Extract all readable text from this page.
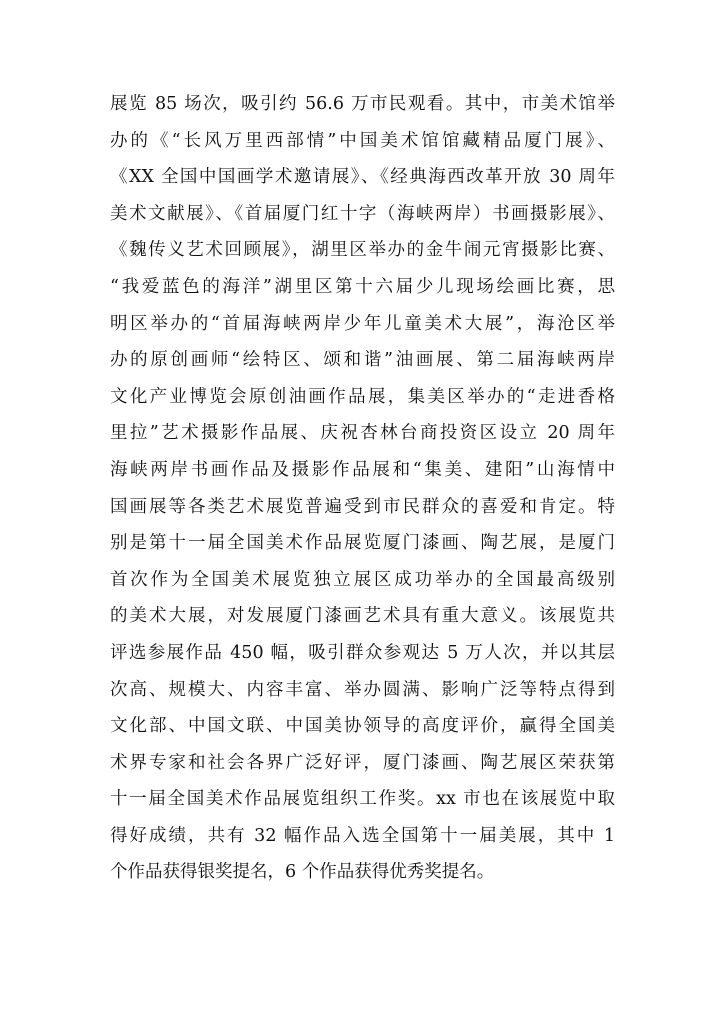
展览 85 场次，吸引约 56.6 万市民观看。其中，市美术馆举
办的《“长风万里西部情”中国美术馆馆藏精品厦门展》、
《XX 全国中国画学术邀请展》、《经典海西改革开放 30 周年
美术文献展》、《首届厦门红十字（海峡两岸）书画摄影展》、
《魏传义艺术回顾展》，湖里区举办的金牛闹元宵摄影比赛、
“我爱蓝色的海洋”湖里区第十六届少儿现场绘画比赛，思
明区举办的“首届海峡两岸少年儿童美术大展”，海沧区举
办的原创画师“绘特区、颂和谐”油画展、第二届海峡两岸
文化产业博览会原创油画作品展，集美区举办的“走进香格
里拉”艺术摄影作品展、庆祝杏林台商投资区设立 20 周年
海峡两岸书画作品及摄影作品展和“集美、建阳”山海情中
国画展等各类艺术展览普遍受到市民群众的喜爱和肯定。特
别是第十一届全国美术作品展览厦门漆画、陶艺展，是厦门
首次作为全国美术展览独立展区成功举办的全国最高级别
的美术大展，对发展厦门漆画艺术具有重大意义。该展览共
评选参展作品 450 幅，吸引群众参观达 5 万人次，并以其层
次高、规模大、内容丰富、举办圆满、影响广泛等特点得到
文化部、中国文联、中国美协领导的高度评价，赢得全国美
术界专家和社会各界广泛好评，厦门漆画、陶艺展区荣获第
十一届全国美术作品展览组织工作奖。xx 市也在该展览中取
得好成绩，共有 32 幅作品入选全国第十一届美展，其中 1
个作品获得银奖提名，6 个作品获得优秀奖提名。
